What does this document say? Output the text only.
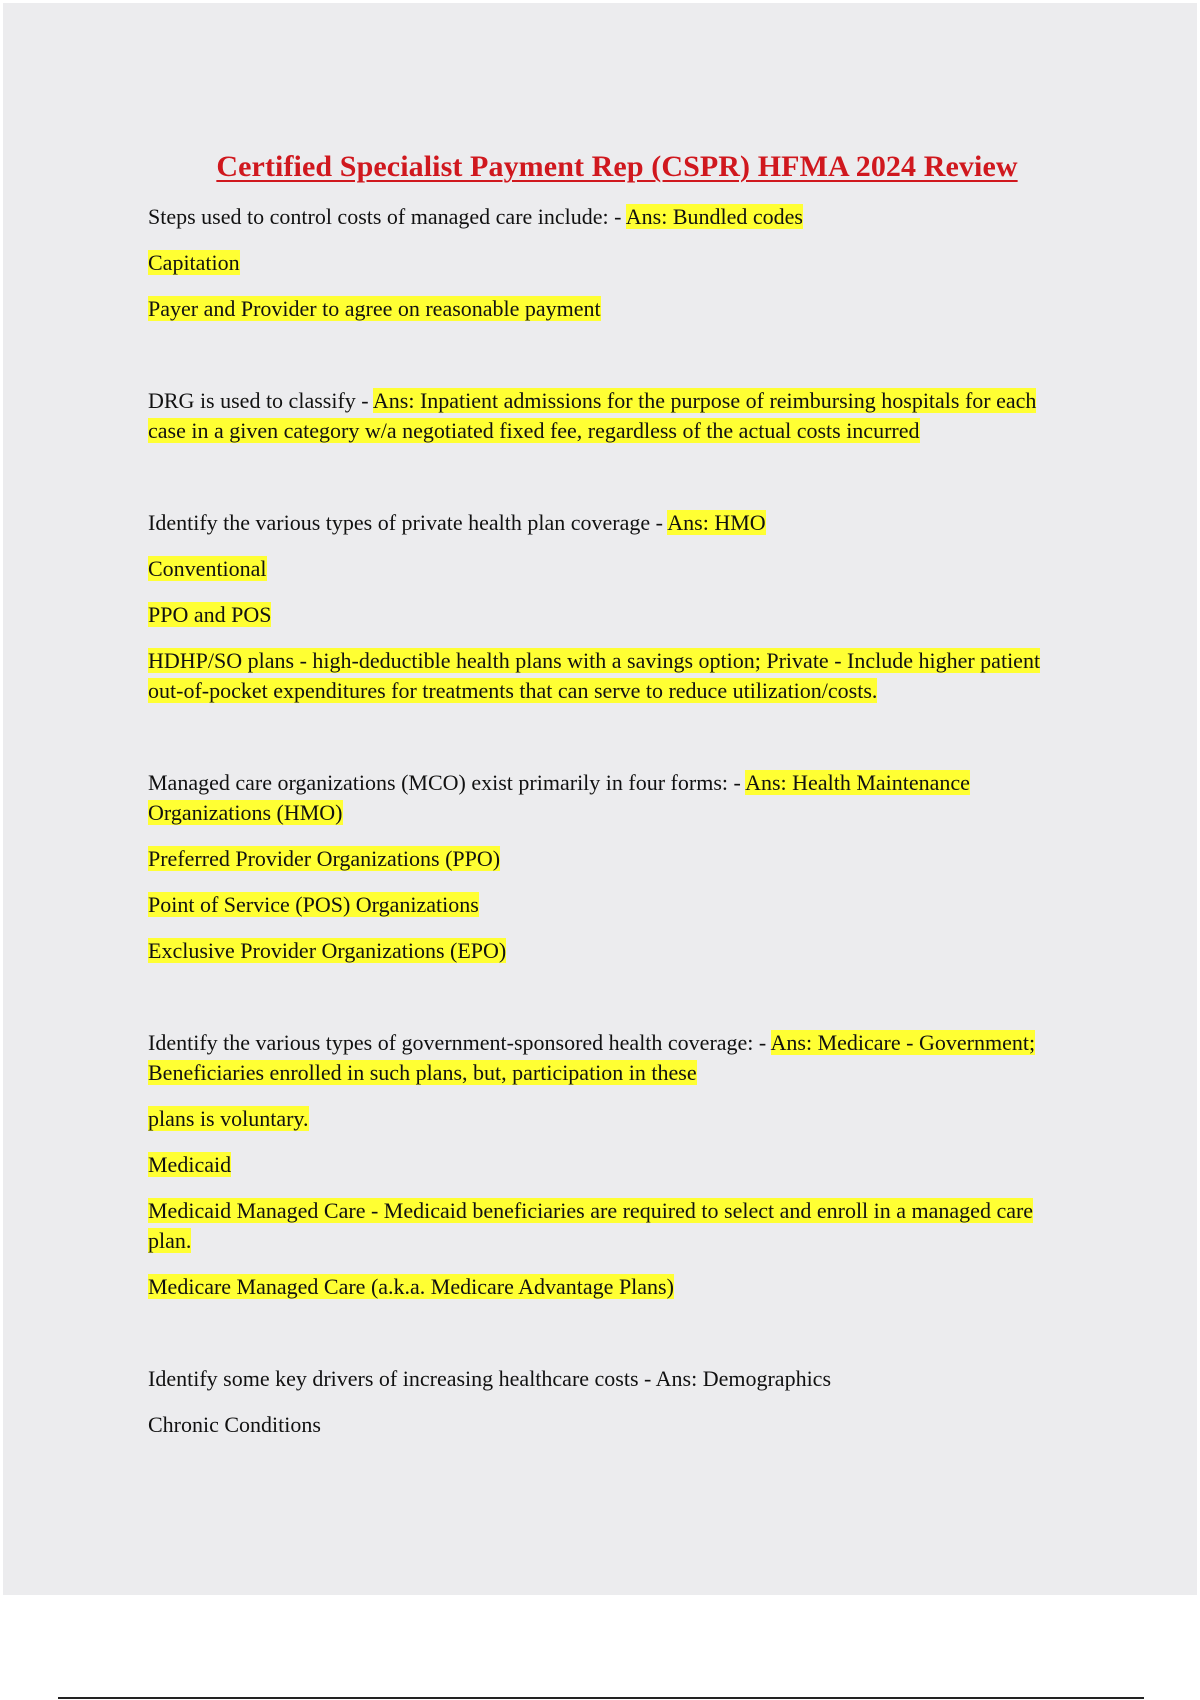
Certified Specialist Payment Rep (CSPR) HFMA 2024 Review

Steps used to control costs of managed care include: - Ans: Bundled codes

Capitation

Payer and Provider to agree on reasonable payment

DRG is used to classify - Ans: Inpatient admissions for the purpose of reimbursing hospitals for each case in a given category w/a negotiated fixed fee, regardless of the actual costs incurred

Identify the various types of private health plan coverage - Ans: HMO

Conventional

PPO and POS

HDHP/SO plans - high-deductible health plans with a savings option; Private - Include higher patient out-of-pocket expenditures for treatments that can serve to reduce utilization/costs.

Managed care organizations (MCO) exist primarily in four forms: - Ans: Health Maintenance Organizations (HMO)

Preferred Provider Organizations (PPO)

Point of Service (POS) Organizations

Exclusive Provider Organizations (EPO)

Identify the various types of government-sponsored health coverage: - Ans: Medicare - Government; Beneficiaries enrolled in such plans, but, participation in these

plans is voluntary.

Medicaid

Medicaid Managed Care - Medicaid beneficiaries are required to select and enroll in a managed care plan.

Medicare Managed Care (a.k.a. Medicare Advantage Plans)

Identify some key drivers of increasing healthcare costs - Ans: Demographics

Chronic Conditions
